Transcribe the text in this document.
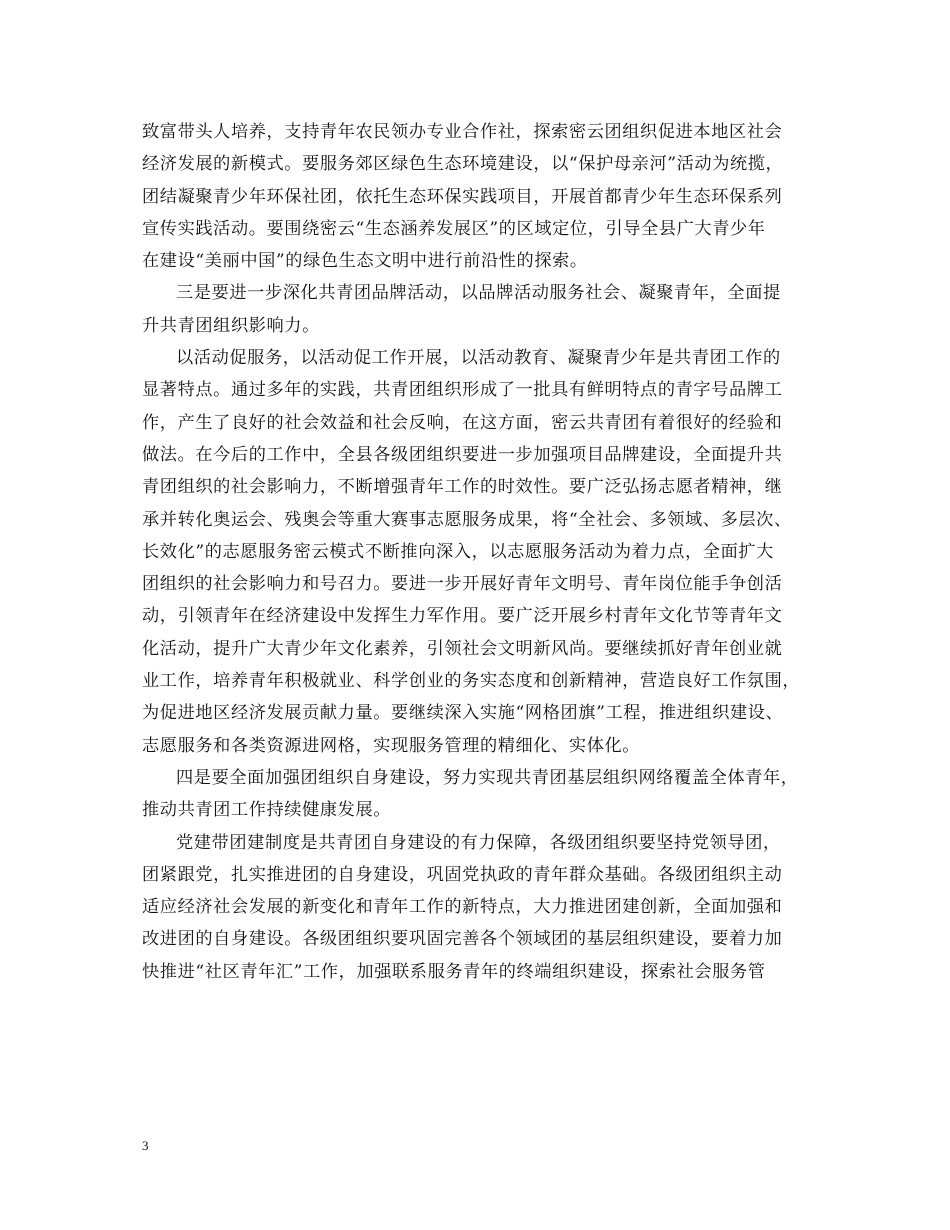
致富带头人培养，支持青年农民领办专业合作社，探索密云团组织促进本地区社会
经济发展的新模式。要服务郊区绿色生态环境建设，以“保护母亲河”活动为统揽，
团结凝聚青少年环保社团，依托生态环保实践项目，开展首都青少年生态环保系列
宣传实践活动。要围绕密云“生态涵养发展区”的区域定位，引导全县广大青少年
在建设“美丽中国”的绿色生态文明中进行前沿性的探索。
三是要进一步深化共青团品牌活动，以品牌活动服务社会、凝聚青年，全面提
升共青团组织影响力。
以活动促服务，以活动促工作开展，以活动教育、凝聚青少年是共青团工作的
显著特点。通过多年的实践，共青团组织形成了一批具有鲜明特点的青字号品牌工
作，产生了良好的社会效益和社会反响，在这方面，密云共青团有着很好的经验和
做法。在今后的工作中，全县各级团组织要进一步加强项目品牌建设，全面提升共
青团组织的社会影响力，不断增强青年工作的时效性。要广泛弘扬志愿者精神，继
承并转化奥运会、残奥会等重大赛事志愿服务成果，将“全社会、多领域、多层次、
长效化”的志愿服务密云模式不断推向深入，以志愿服务活动为着力点，全面扩大
团组织的社会影响力和号召力。要进一步开展好青年文明号、青年岗位能手争创活
动，引领青年在经济建设中发挥生力军作用。要广泛开展乡村青年文化节等青年文
化活动，提升广大青少年文化素养，引领社会文明新风尚。要继续抓好青年创业就
业工作，培养青年积极就业、科学创业的务实态度和创新精神，营造良好工作氛围，
为促进地区经济发展贡献力量。要继续深入实施“网格团旗”工程，推进组织建设、
志愿服务和各类资源进网格，实现服务管理的精细化、实体化。
四是要全面加强团组织自身建设，努力实现共青团基层组织网络覆盖全体青年，
推动共青团工作持续健康发展。
党建带团建制度是共青团自身建设的有力保障，各级团组织要坚持党领导团，
团紧跟党，扎实推进团的自身建设，巩固党执政的青年群众基础。各级团组织主动
适应经济社会发展的新变化和青年工作的新特点，大力推进团建创新，全面加强和
改进团的自身建设。各级团组织要巩固完善各个领域团的基层组织建设，要着力加
快推进“社区青年汇”工作，加强联系服务青年的终端组织建设，探索社会服务管
3
